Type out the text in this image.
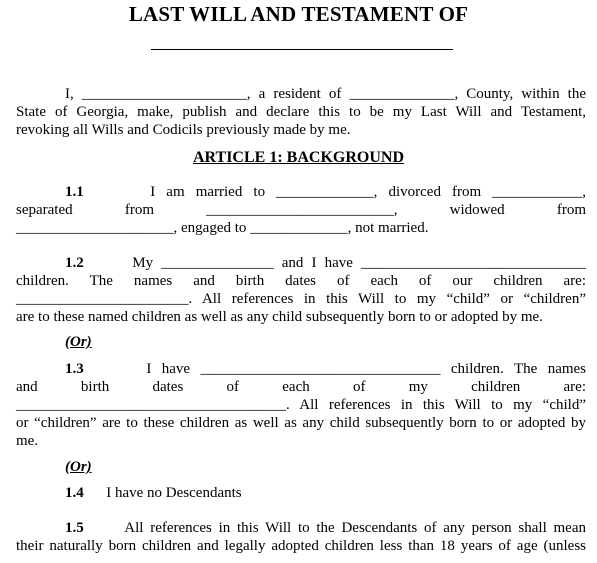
LAST WILL AND TESTAMENT OF
I, ______________________, a resident of ______________, County, within the
State of Georgia, make, publish and declare this to be my Last Will and Testament,
revoking all Wills and Codicils previously made by me.
ARTICLE 1: BACKGROUND
1.1	I am married to _____________, divorced from ____________,
separated from _________________________, widowed from
_____________________, engaged to _____________, not married.
1.2	My _______________ and I have ______________________________
children. The names and birth dates of each of our children are:
_______________________. All references in this Will to my “child” or “children”
are to these named children as well as any child subsequently born to or adopted by me.
(Or)
1.3	I have ________________________________ children. The names
and birth dates of each of my children are:
____________________________________. All references in this Will to my “child”
or “children” are to these children as well as any child subsequently born to or adopted by
me.
(Or)
1.4 I have no Descendants
1.5	All references in this Will to the Descendants of any person shall mean
their naturally born children and legally adopted children less than 18 years of age (unless
